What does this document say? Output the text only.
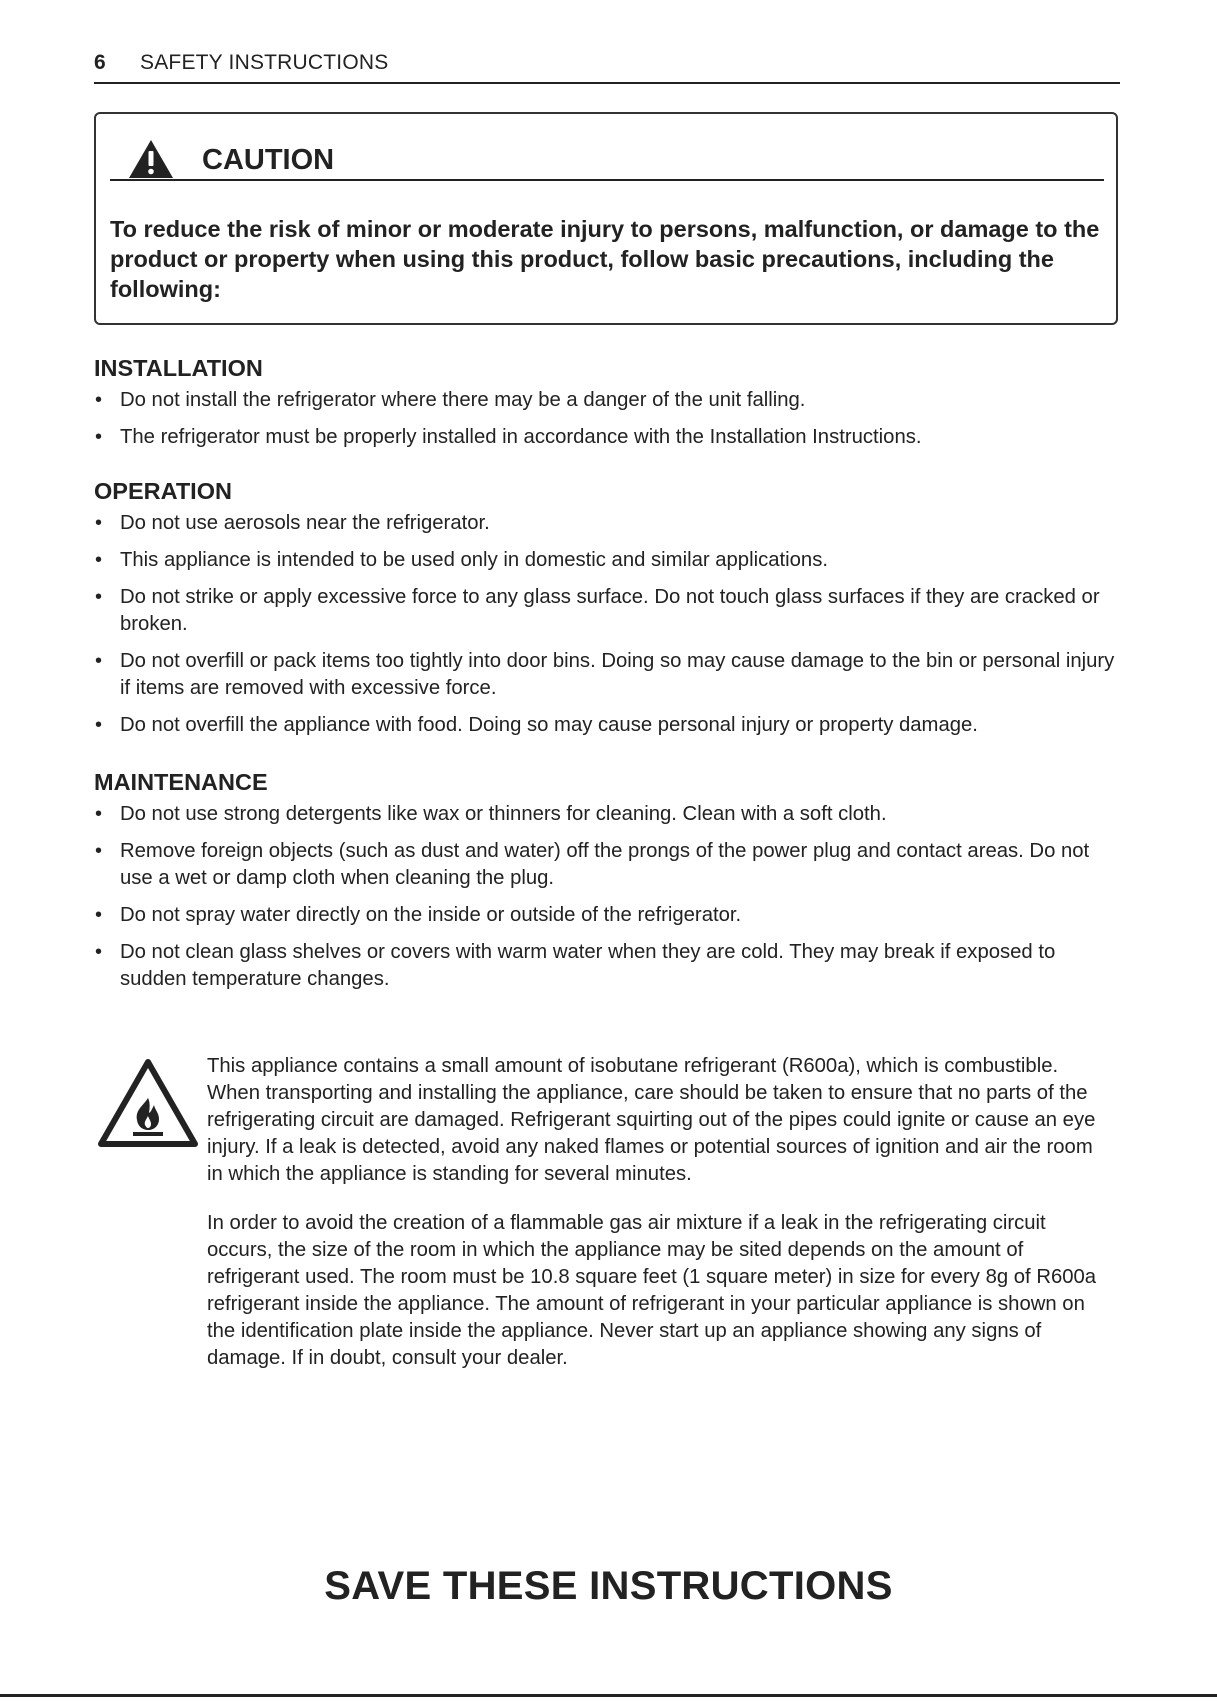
6 SAFETY INSTRUCTIONS
CAUTION

To reduce the risk of minor or moderate injury to persons, malfunction, or damage to the product or property when using this product, follow basic precautions, including the following:

INSTALLATION
• Do not install the refrigerator where there may be a danger of the unit falling.
• The refrigerator must be properly installed in accordance with the Installation Instructions.
OPERATION
• Do not use aerosols near the refrigerator.
• This appliance is intended to be used only in domestic and similar applications.
• Do not strike or apply excessive force to any glass surface. Do not touch glass surfaces if they are cracked or broken.
• Do not overfill or pack items too tightly into door bins. Doing so may cause damage to the bin or personal injury if items are removed with excessive force.
• Do not overfill the appliance with food. Doing so may cause personal injury or property damage.
MAINTENANCE
• Do not use strong detergents like wax or thinners for cleaning. Clean with a soft cloth.
• Remove foreign objects (such as dust and water) off the prongs of the power plug and contact areas. Do not use a wet or damp cloth when cleaning the plug.
• Do not spray water directly on the inside or outside of the refrigerator.
• Do not clean glass shelves or covers with warm water when they are cold. They may break if exposed to sudden temperature changes.

This appliance contains a small amount of isobutane refrigerant (R600a), which is combustible. When transporting and installing the appliance, care should be taken to ensure that no parts of the refrigerating circuit are damaged. Refrigerant squirting out of the pipes could ignite or cause an eye injury. If a leak is detected, avoid any naked flames or potential sources of ignition and air the room in which the appliance is standing for several minutes.

In order to avoid the creation of a flammable gas air mixture if a leak in the refrigerating circuit occurs, the size of the room in which the appliance may be sited depends on the amount of refrigerant used. The room must be 10.8 square feet (1 square meter) in size for every 8g of R600a refrigerant inside the appliance. The amount of refrigerant in your particular appliance is shown on the identification plate inside the appliance. Never start up an appliance showing any signs of damage. If in doubt, consult your dealer.

SAVE THESE INSTRUCTIONS
